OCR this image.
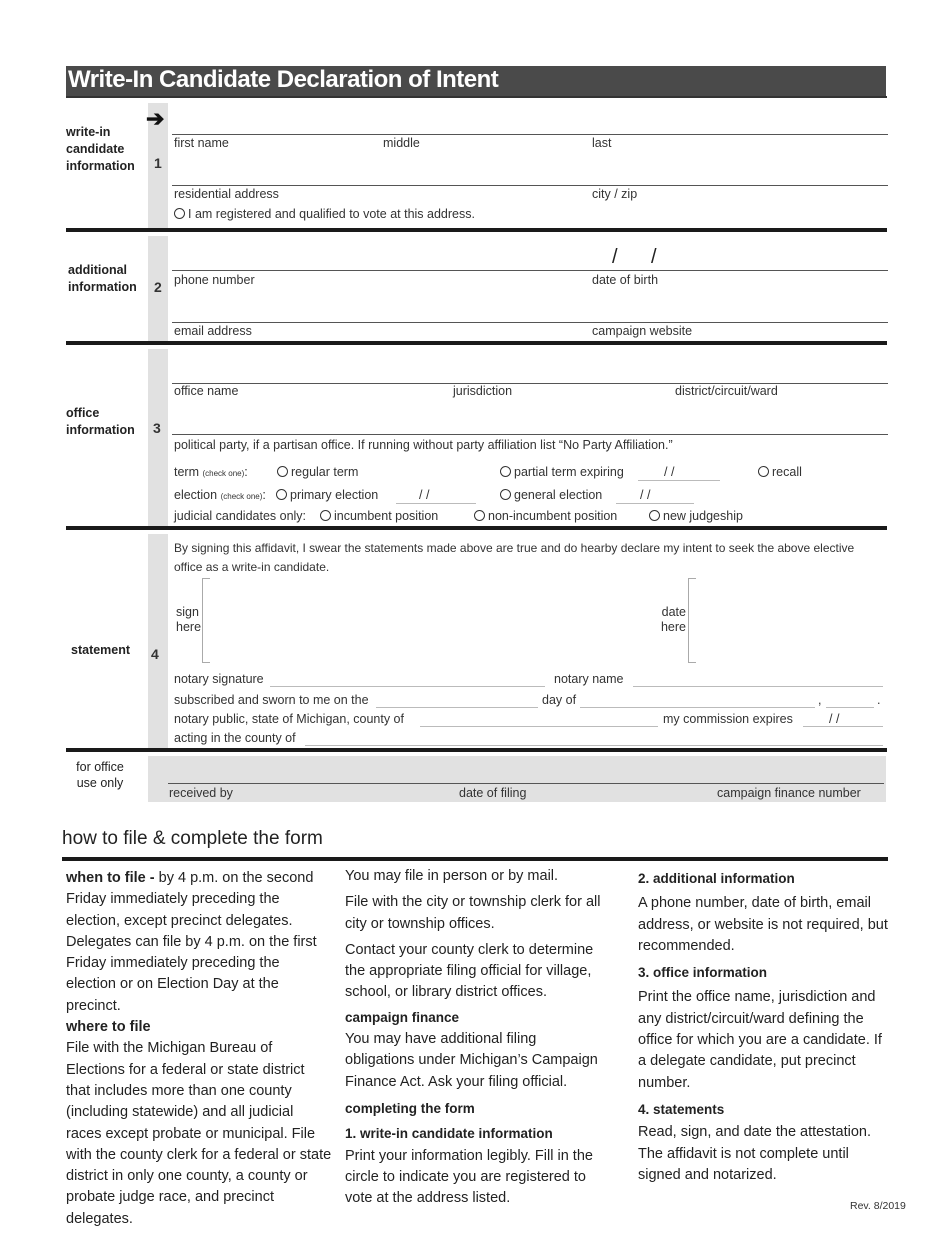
Write-In Candidate Declaration of Intent
➔
write-in candidate information	1
first name	middle	last
residential address	city / zip
I am registered and qualified to vote at this address.
additional information	2
/ /
phone number	date of birth
email address	campaign website
office information	3
office name	jurisdiction	district/circuit/ward
political party, if a partisan office. If running without party affiliation list “No Party Affiliation.”
term (check one):	regular term	partial term expiring	/ /	recall
election (check one):	primary election	/ /	general election	/ /
judicial candidates only:	incumbent position	non-incumbent position	new judgeship
statement 4
By signing this affidavit, I swear the statements made above are true and do hearby declare my intent to seek the above elective office as a write-in candidate.
sign
here
date
here
notary signature	notary name
subscribed and sworn to me on the	day of	,	.
notary public, state of Michigan, county of	my commission expires	/ /
acting in the county of
for office use only
received by	date of filing	campaign finance number
how to file & complete the form

when to file - by 4 p.m. on the second Friday immediately preceding the election, except precinct delegates. Delegates can file by 4 p.m. on the first Friday immediately preceding the election or on Election Day at the precinct.
where to file
File with the Michigan Bureau of Elections for a federal or state district that includes more than one county (including statewide) and all judicial races except probate or municipal. File with the county clerk for a federal or state district in only one county, a county or probate judge race, and precinct delegates.

You may file in person or by mail.

File with the city or township clerk for all city or township offices.

Contact your county clerk to determine the appropriate filing official for village, school, or library district offices.

campaign finance

You may have additional filing obligations under Michigan’s Campaign Finance Act. Ask your filing official.

completing the form

1. write-in candidate information

Print your information legibly. Fill in the circle to indicate you are registered to vote at the address listed.

2. additional information

A phone number, date of birth, email address, or website is not required, but recommended.

3. office information

Print the office name, jurisdiction and any district/circuit/ward defining the office for which you are a candidate. If a delegate candidate, put precinct number.

4. statements

Read, sign, and date the attestation. The affidavit is not complete until signed and notarized.

Rev. 8/2019
